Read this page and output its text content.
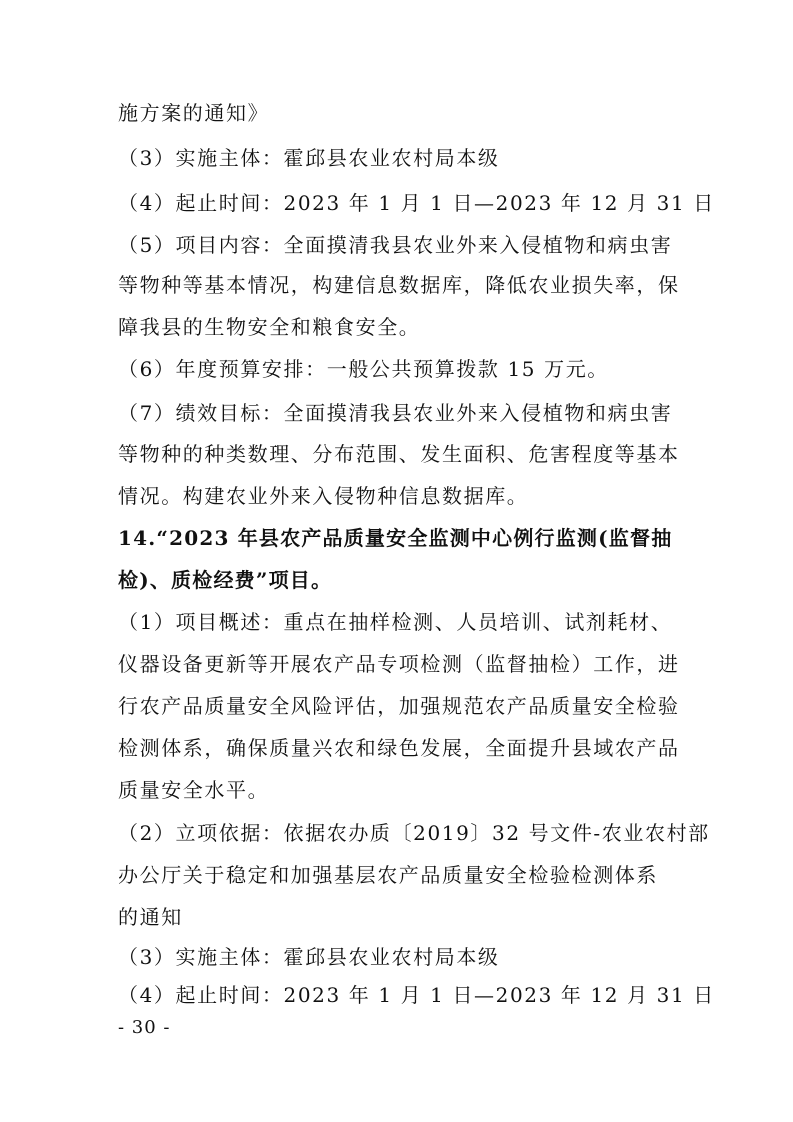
施方案的通知》
（3）实施主体：霍邱县农业农村局本级
（4）起止时间：2023 年 1 月 1 日—2023 年 12 月 31 日
（5）项目内容：全面摸清我县农业外来入侵植物和病虫害
等物种等基本情况，构建信息数据库，降低农业损失率，保
障我县的生物安全和粮食安全。
（6）年度预算安排：一般公共预算拨款 15 万元。
（7）绩效目标：全面摸清我县农业外来入侵植物和病虫害
等物种的种类数理、分布范围、发生面积、危害程度等基本
情况。构建农业外来入侵物种信息数据库。
14.“2023 年县农产品质量安全监测中心例行监测(监督抽
检)、质检经费”项目。
（1）项目概述：重点在抽样检测、人员培训、试剂耗材、
仪器设备更新等开展农产品专项检测（监督抽检）工作，进
行农产品质量安全风险评估，加强规范农产品质量安全检验
检测体系，确保质量兴农和绿色发展，全面提升县域农产品
质量安全水平。
（2）立项依据：依据农办质〔2019〕32 号文件-农业农村部
办公厅关于稳定和加强基层农产品质量安全检验检测体系
的通知
（3）实施主体：霍邱县农业农村局本级
（4）起止时间：2023 年 1 月 1 日—2023 年 12 月 31 日
- 30 -
